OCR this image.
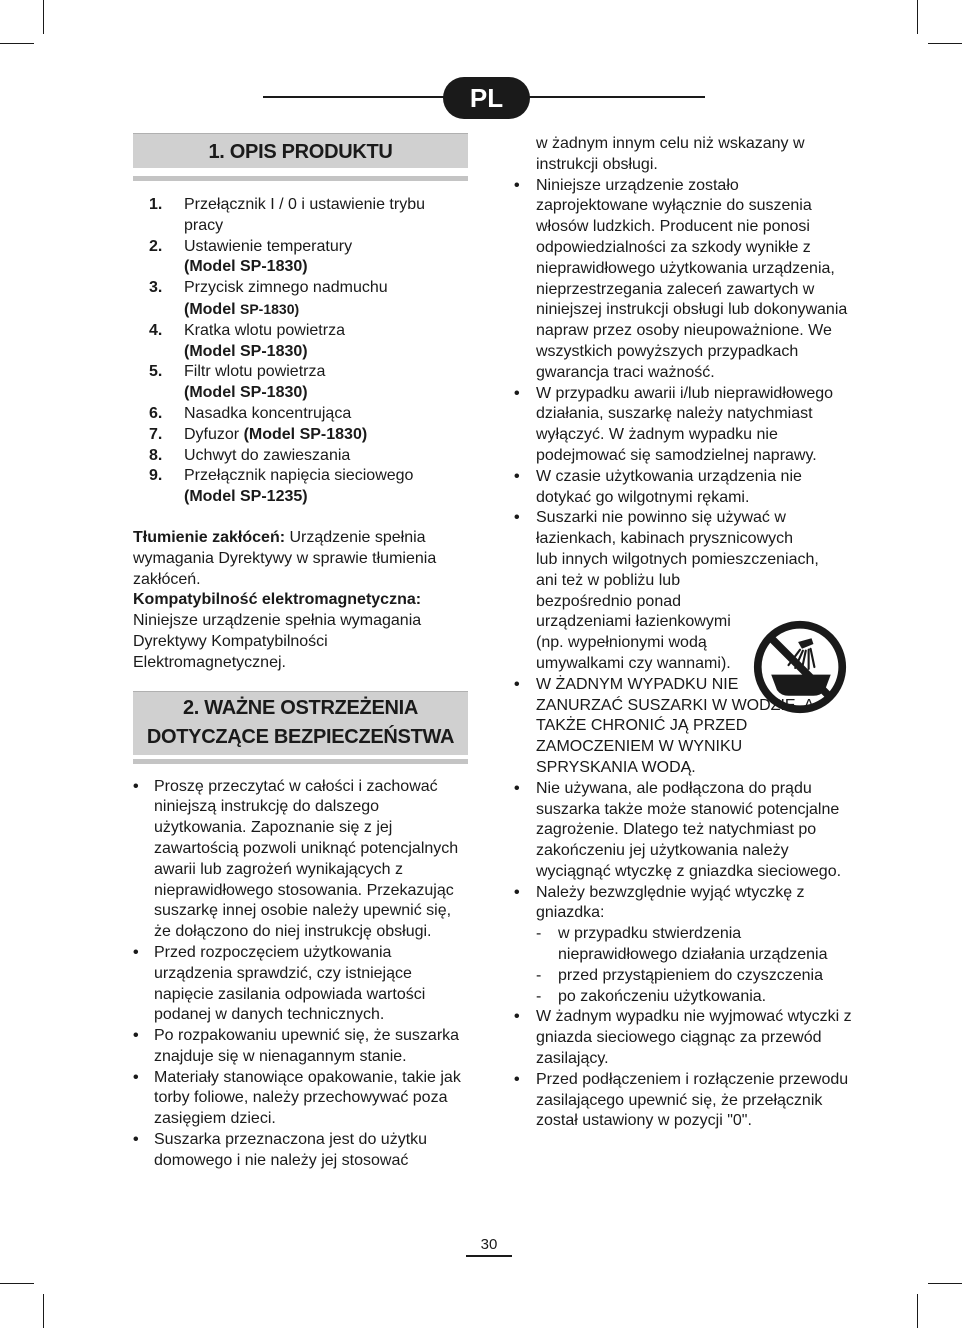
PL
1. OPIS PRODUKTU
1. Przełącznik I / 0 i ustawienie trybu pracy
2. Ustawienie temperatury
(Model SP-1830)
3. Przycisk zimnego nadmuchu
(Model SP-1830)
4. Kratka wlotu powietrza
(Model SP-1830)
5. Filtr wlotu powietrza
(Model SP-1830)
6. Nasadka koncentrująca
7. Dyfuzor (Model SP-1830)
8. Uchwyt do zawieszania
9. Przełącznik napięcia sieciowego
(Model SP-1235)
Tłumienie zakłóceń: Urządzenie spełnia wymagania Dyrektywy w sprawie tłumienia zakłóceń.
Kompatybilność elektromagnetyczna:
Niniejsze urządzenie spełnia wymagania Dyrektywy Kompatybilności Elektromagnetycznej.
2. WAŻNE OSTRZEŻENIA
DOTYCZĄCE BEZPIECZEŃSTWA
• Proszę przeczytać w całości i zachować niniejszą instrukcję do dalszego użytkowania. Zapoznanie się z jej zawartością pozwoli uniknąć potencjalnych awarii lub zagrożeń wynikających z nieprawidłowego stosowania. Przekazując suszarkę innej osobie należy upewnić się, że dołączono do niej instrukcję obsługi.
• Przed rozpoczęciem użytkowania urządzenia sprawdzić, czy istniejące napięcie zasilania odpowiada wartości podanej w danych technicznych.
• Po rozpakowaniu upewnić się, że suszarka znajduje się w nienagannym stanie.
• Materiały stanowiące opakowanie, takie jak torby foliowe, należy przechowywać poza zasięgiem dzieci.
• Suszarka przeznaczona jest do użytku domowego i nie należy jej stosować
w żadnym innym celu niż wskazany w instrukcji obsługi.
• Niniejsze urządzenie zostało zaprojektowane wyłącznie do suszenia włosów ludzkich. Producent nie ponosi odpowiedzialności za szkody wynikłe z nieprawidłowego użytkowania urządzenia, nieprzestrzegania zaleceń zawartych w niniejszej instrukcji obsługi lub dokonywania napraw przez osoby nieupoważnione. We wszystkich powyższych przypadkach gwarancja traci ważność.
• W przypadku awarii i/lub nieprawidłowego działania, suszarkę należy natychmiast wyłączyć. W żadnym wypadku nie podejmować się samodzielnej naprawy.
• W czasie użytkowania urządzenia nie dotykać go wilgotnymi rękami.
• Suszarki nie powinno się używać w
łazienkach, kabinach prysznicowych
lub innych wilgotnych pomieszczeniach,
ani też w pobliżu lub
bezpośrednio ponad
urządzeniami łazienkowymi
(np. wypełnionymi wodą
umywalkami czy wannami).
• W ŻADNYM WYPADKU NIE ZANURZAĆ SUSZARKI W WODZIE, A TAKŻE CHRONIĆ JĄ PRZED ZAMOCZENIEM W WYNIKU SPRYSKANIA WODĄ.
• Nie używana, ale podłączona do prądu suszarka także może stanowić potencjalne zagrożenie. Dlatego też natychmiast po zakończeniu jej użytkowania należy wyciągnąć wtyczkę z gniazdka sieciowego.
• Należy bezwzględnie wyjąć wtyczkę z gniazdka:
- w przypadku stwierdzenia nieprawidłowego działania urządzenia
- przed przystąpieniem do czyszczenia
- po zakończeniu użytkowania.
• W żadnym wypadku nie wyjmować wtyczki z gniazda sieciowego ciągnąc za przewód zasilający.
• Przed podłączeniem i rozłączenie przewodu zasilającego upewnić się, że przełącznik został ustawiony w pozycji "0".
30
